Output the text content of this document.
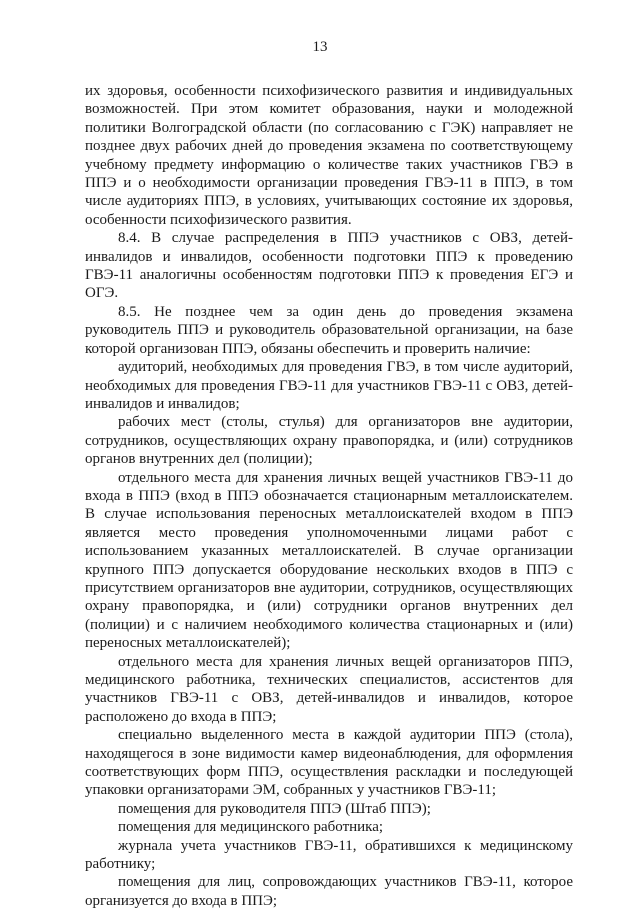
13

их здоровья, особенности психофизического развития и индивидуальных возможностей. При этом комитет образования, науки и молодежной политики Волгоградской области (по согласованию с ГЭК) направляет не позднее двух рабочих дней до проведения экзамена по соответствующему учебному предмету информацию о количестве таких участников ГВЭ в ППЭ и о необходимости организации проведения ГВЭ-11 в ППЭ, в том числе аудиториях ППЭ, в условиях, учитывающих состояние их здоровья, особенности психофизического развития.

8.4. В случае распределения в ППЭ участников с ОВЗ, детей-инвалидов и инвалидов, особенности подготовки ППЭ к проведению ГВЭ-11 аналогичны особенностям подготовки ППЭ к проведения ЕГЭ и ОГЭ.

8.5. Не позднее чем за один день до проведения экзамена руководитель ППЭ и руководитель образовательной организации, на базе которой организован ППЭ, обязаны обеспечить и проверить наличие:

аудиторий, необходимых для проведения ГВЭ, в том числе аудиторий, необходимых для проведения ГВЭ-11 для участников ГВЭ-11 с ОВЗ, детей-инвалидов и инвалидов;

рабочих мест (столы, стулья) для организаторов вне аудитории, сотрудников, осуществляющих охрану правопорядка, и (или) сотрудников органов внутренних дел (полиции);

отдельного места для хранения личных вещей участников ГВЭ-11 до входа в ППЭ (вход в ППЭ обозначается стационарным металлоискателем. В случае использования переносных металлоискателей входом в ППЭ является место проведения уполномоченными лицами работ с использованием указанных металлоискателей. В случае организации крупного ППЭ допускается оборудование нескольких входов в ППЭ с присутствием организаторов вне аудитории, сотрудников, осуществляющих охрану правопорядка, и (или) сотрудники органов внутренних дел (полиции) и с наличием необходимого количества стационарных и (или) переносных металлоискателей);

отдельного места для хранения личных вещей организаторов ППЭ, медицинского работника, технических специалистов, ассистентов для участников ГВЭ-11 с ОВЗ, детей-инвалидов и инвалидов, которое расположено до входа в ППЭ;

специально выделенного места в каждой аудитории ППЭ (стола), находящегося в зоне видимости камер видеонаблюдения, для оформления соответствующих форм ППЭ, осуществления раскладки и последующей упаковки организаторами ЭМ, собранных у участников ГВЭ-11;

помещения для руководителя ППЭ (Штаб ППЭ);

помещения для медицинского работника;

журнала учета участников ГВЭ-11, обратившихся к медицинскому работнику;

помещения для лиц, сопровождающих участников ГВЭ-11, которое организуется до входа в ППЭ;
